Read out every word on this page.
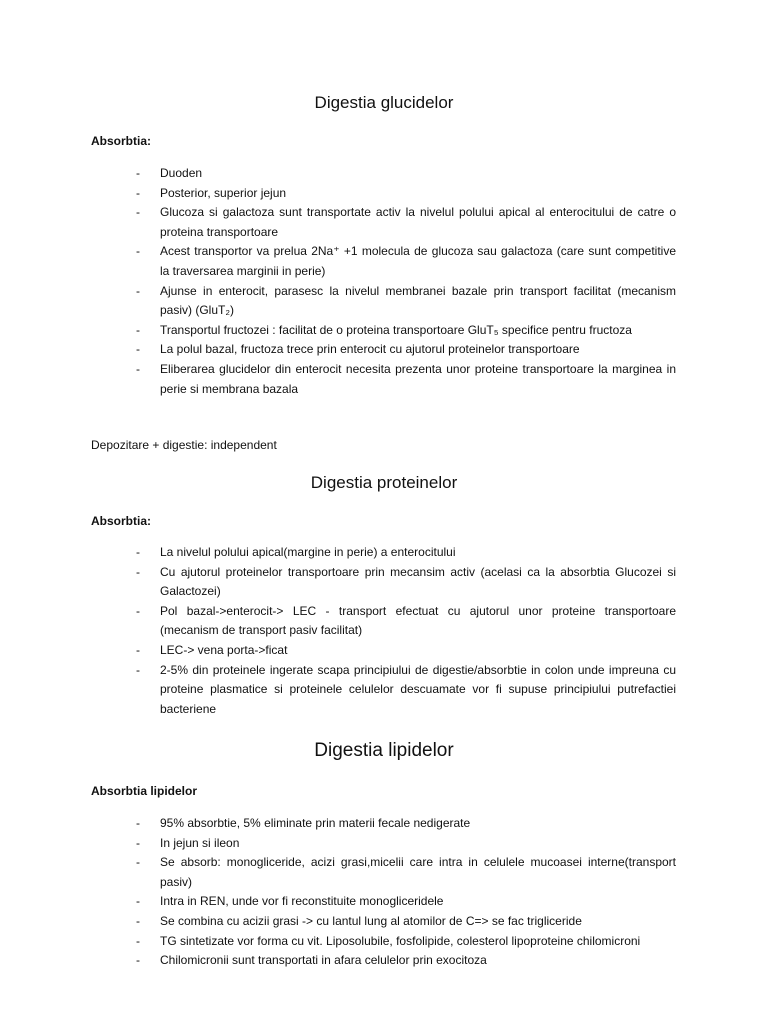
Digestia glucidelor

Absorbtia:

- Duoden
- Posterior, superior jejun
- Glucoza si galactoza sunt transportate activ la nivelul polului apical al enterocitului de catre o proteina transportoare
- Acest transportor va prelua 2Na⁺ +1 molecula de glucoza sau galactoza (care sunt competitive la traversarea marginii in perie)
- Ajunse in enterocit, parasesc la nivelul membranei bazale prin transport facilitat (mecanism pasiv) (GluT₂)
- Transportul fructozei : facilitat de o proteina transportoare GluT₅ specifice pentru fructoza
- La polul bazal, fructoza trece prin enterocit cu ajutorul proteinelor transportoare
- Eliberarea glucidelor din enterocit necesita prezenta unor proteine transportoare la marginea in perie si membrana bazala

Depozitare + digestie: independent

Digestia proteinelor

Absorbtia:

- La nivelul polului apical(margine in perie) a enterocitului
- Cu ajutorul proteinelor transportoare prin mecansim activ (acelasi ca la absorbtia Glucozei si Galactozei)
- Pol bazal->enterocit-> LEC - transport efectuat cu ajutorul unor proteine transportoare (mecanism de transport pasiv facilitat)
- LEC-> vena porta->ficat
- 2-5% din proteinele ingerate scapa principiului de digestie/absorbtie in colon unde impreuna cu proteine plasmatice si proteinele celulelor descuamate vor fi supuse principiului putrefactiei bacteriene
Digestia lipidelor

Absorbtia lipidelor

- 95% absorbtie, 5% eliminate prin materii fecale nedigerate
- In jejun si ileon
- Se absorb: monogliceride, acizi grasi,micelii care intra in celulele mucoasei interne(transport pasiv)
- Intra in REN, unde vor fi reconstituite monogliceridele
- Se combina cu acizii grasi -> cu lantul lung al atomilor de C=> se fac trigliceride
- TG sintetizate vor forma cu vit. Liposolubile, fosfolipide, colesterol lipoproteine chilomicroni
- Chilomicronii sunt transportati in afara celulelor prin exocitoza
